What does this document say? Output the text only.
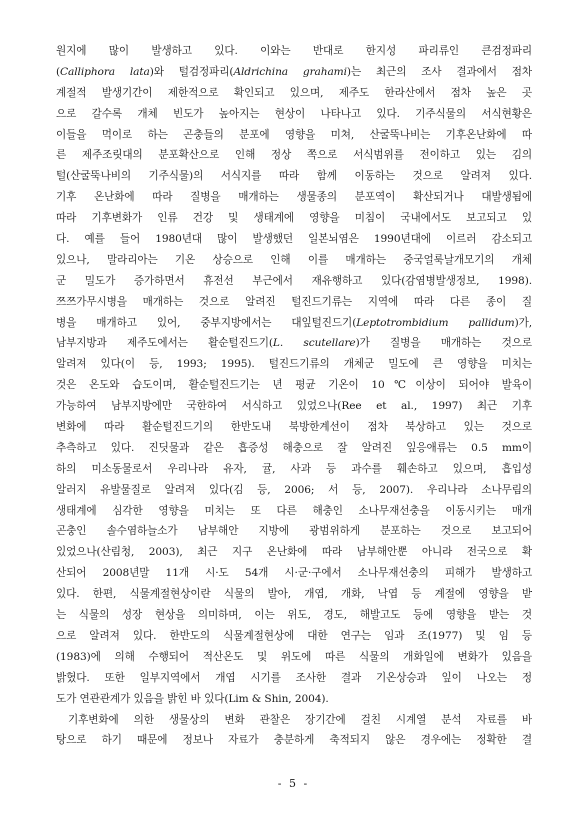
원지에 많이 발생하고 있다. 이와는 반대로 한지성 파리류인 큰검정파리
(Calliphora lata)와 털검정파리(Aldrichina grahami)는 최근의 조사 결과에서 점차
계절적 발생기간이 제한적으로 확인되고 있으며, 제주도 한라산에서 점차 높은 곳
으로 갈수록 개체 빈도가 높아지는 현상이 나타나고 있다. 기주식물의 서식현황은
이들을 먹이로 하는 곤충들의 분포에 영향을 미쳐, 산굴뚝나비는 기후온난화에 따
른 제주조릿대의 분포확산으로 인해 정상 쪽으로 서식범위를 전이하고 있는 김의
털(산굴뚝나비의 기주식물)의 서식지를 따라 함께 이동하는 것으로 알려져 있다.
기후 온난화에 따라 질병을 매개하는 생물종의 분포역이 확산되거나 대발생됨에
따라 기후변화가 인류 건강 및 생태계에 영향을 미침이 국내에서도 보고되고 있
다. 예를 들어 1980년대 많이 발생했던 일본뇌염은 1990년대에 이르러 감소되고
있으나, 말라리아는 기온 상승으로 인해 이를 매개하는 중국얼룩날개모기의 개체
군 밀도가 증가하면서 휴전선 부근에서 재유행하고 있다(감염병발생정보, 1998).
쯔쯔가무시병을 매개하는 것으로 알려진 털진드기류는 지역에 따라 다른 종이 질
병을 매개하고 있어, 중부지방에서는 대잎털진드기(Leptotrombidium pallidum)가,
남부지방과 제주도에서는 활순털진드기(L. scutellare)가 질병을 매개하는 것으로
알려져 있다(이 등, 1993; 1995). 털진드기류의 개체군 밀도에 큰 영향을 미치는
것은 온도와 습도이며, 활순털진드기는 년 평균 기온이 10℃이상이 되어야 발육이
가능하여 남부지방에만 국한하여 서식하고 있었으나(Ree et al., 1997) 최근 기후
변화에 따라 활순털진드기의 한반도내 북방한계선이 점차 북상하고 있는 것으로
추측하고 있다. 진딧물과 같은 흡증성 해충으로 잘 알려진 잎응애류는 0.5 mm이
하의 미소동물로서 우리나라 유자, 귤, 사과 등 과수를 훼손하고 있으며, 흡입성
알러지 유발물질로 알려져 있다(김 등, 2006; 서 등, 2007). 우리나라 소나무림의
생태계에 심각한 영향을 미치는 또 다른 해충인 소나무재선충을 이동시키는 매개
곤충인 솔수염하늘소가 남부해안 지방에 광범위하게 분포하는 것으로 보고되어
있었으나(산림청, 2003), 최근 지구 온난화에 따라 남부해안뿐 아니라 전국으로 확
산되어 2008년말 11개 시·도 54개 시·군·구에서 소나무재선충의 피해가 발생하고
있다. 한편, 식물계절현상이란 식물의 발아, 개엽, 개화, 낙엽 등 계절에 영향을 받
는 식물의 성장 현상을 의미하며, 이는 위도, 경도, 해발고도 등에 영향을 받는 것
으로 알려져 있다. 한반도의 식물계절현상에 대한 연구는 임과 조(1977) 및 임 등
(1983)에 의해 수행되어 적산온도 및 위도에 따른 식물의 개화일에 변화가 있음을
밝혔다. 또한 일부지역에서 개엽 시기를 조사한 결과 기온상승과 잎이 나오는 정
도가 연관관계가 있음을 밝힌 바 있다(Lim & Shin, 2004).
기후변화에 의한 생물상의 변화 관찰은 장기간에 걸친 시계열 분석 자료를 바
탕으로 하기 때문에 정보나 자료가 충분하게 축적되지 않은 경우에는 정확한 결
- 5 -
